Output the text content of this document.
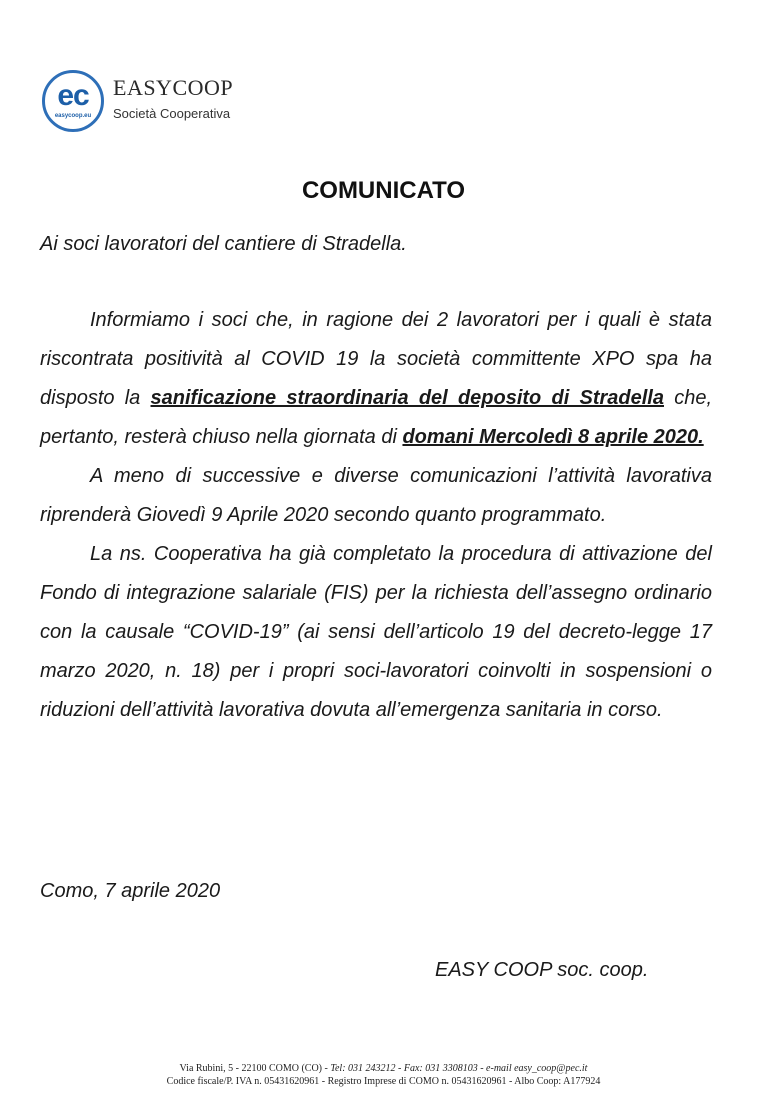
ec
easycoop.eu
EASYCOOP
Società Cooperativa
COMUNICATO

Ai soci lavoratori del cantiere di Stradella.

Informiamo i soci che, in ragione dei 2 lavoratori per i quali è stata riscontrata positività al COVID 19 la società committente XPO spa ha disposto la sanificazione straordinaria del deposito di Stradella che, pertanto, resterà chiuso nella giornata di domani Mercoledì 8 aprile 2020.

A meno di successive e diverse comunicazioni l’attività lavorativa riprenderà Giovedì 9 Aprile 2020 secondo quanto programmato.

La ns. Cooperativa ha già completato la procedura di attivazione del Fondo di integrazione salariale (FIS) per la richiesta dell’assegno ordinario con la causale “COVID-19” (ai sensi dell’articolo 19 del decreto-legge 17 marzo 2020, n. 18) per i propri soci-lavoratori coinvolti in sospensioni o riduzioni dell’attività lavorativa dovuta all’emergenza sanitaria in corso.

Como, 7 aprile 2020
EASY COOP soc. coop.
Via Rubini, 5 - 22100 COMO (CO) - Tel: 031 243212 - Fax: 031 3308103 - e-mail easy_coop@pec.it
Codice fiscale/P. IVA n. 05431620961 - Registro Imprese di COMO n. 05431620961 - Albo Coop: A177924
